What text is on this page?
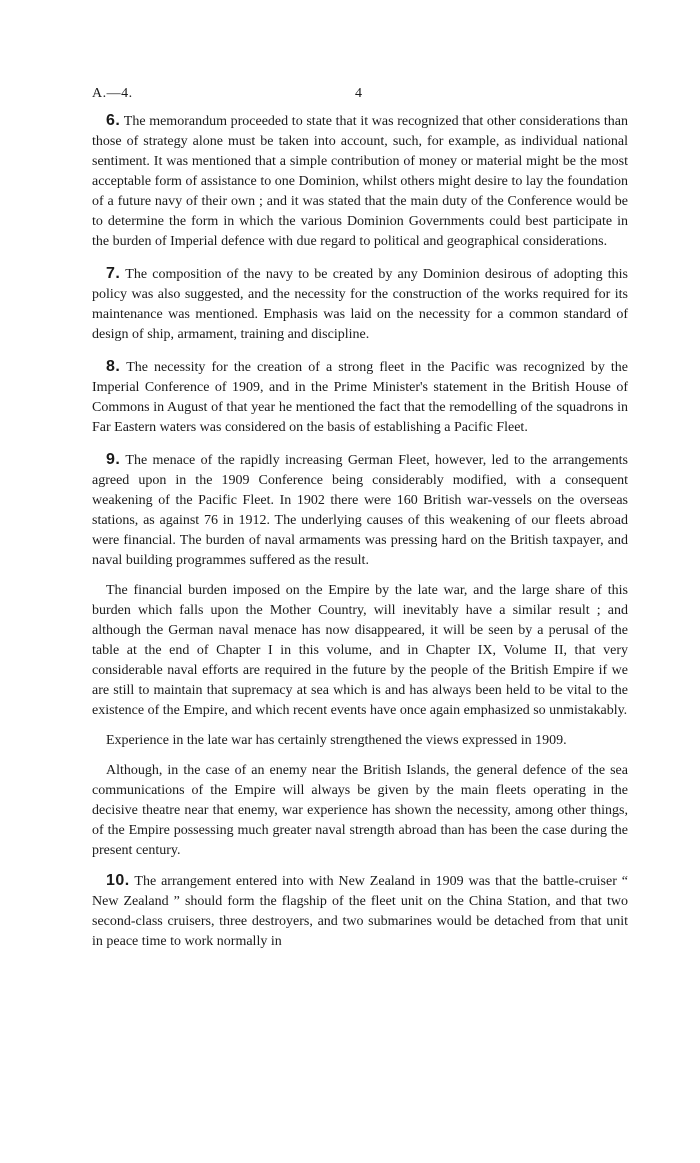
A.—4.	4

6. The memorandum proceeded to state that it was recognized that other considerations than those of strategy alone must be taken into account, such, for example, as individual national sentiment. It was mentioned that a simple contribution of money or material might be the most acceptable form of assistance to one Dominion, whilst others might desire to lay the foundation of a future navy of their own ; and it was stated that the main duty of the Conference would be to determine the form in which the various Dominion Governments could best participate in the burden of Imperial defence with due regard to political and geographical considerations.

7. The composition of the navy to be created by any Dominion desirous of adopting this policy was also suggested, and the necessity for the construction of the works required for its maintenance was mentioned. Emphasis was laid on the necessity for a common standard of design of ship, armament, training and discipline.

8. The necessity for the creation of a strong fleet in the Pacific was recognized by the Imperial Conference of 1909, and in the Prime Minister's statement in the British House of Commons in August of that year he mentioned the fact that the remodelling of the squadrons in Far Eastern waters was considered on the basis of establishing a Pacific Fleet.

9. The menace of the rapidly increasing German Fleet, however, led to the arrangements agreed upon in the 1909 Conference being considerably modified, with a consequent weakening of the Pacific Fleet. In 1902 there were 160 British war-vessels on the overseas stations, as against 76 in 1912. The underlying causes of this weakening of our fleets abroad were financial. The burden of naval armaments was pressing hard on the British taxpayer, and naval building programmes suffered as the result.

The financial burden imposed on the Empire by the late war, and the large share of this burden which falls upon the Mother Country, will inevitably have a similar result ; and although the German naval menace has now disappeared, it will be seen by a perusal of the table at the end of Chapter I in this volume, and in Chapter IX, Volume II, that very considerable naval efforts are required in the future by the people of the British Empire if we are still to maintain that supremacy at sea which is and has always been held to be vital to the existence of the Empire, and which recent events have once again emphasized so unmistakably.

Experience in the late war has certainly strengthened the views expressed in 1909.

Although, in the case of an enemy near the British Islands, the general defence of the sea communications of the Empire will always be given by the main fleets operating in the decisive theatre near that enemy, war experience has shown the necessity, among other things, of the Empire possessing much greater naval strength abroad than has been the case during the present century.

10. The arrangement entered into with New Zealand in 1909 was that the battle-cruiser “ New Zealand ” should form the flagship of the fleet unit on the China Station, and that two second-class cruisers, three destroyers, and two submarines would be detached from that unit in peace time to work normally in
